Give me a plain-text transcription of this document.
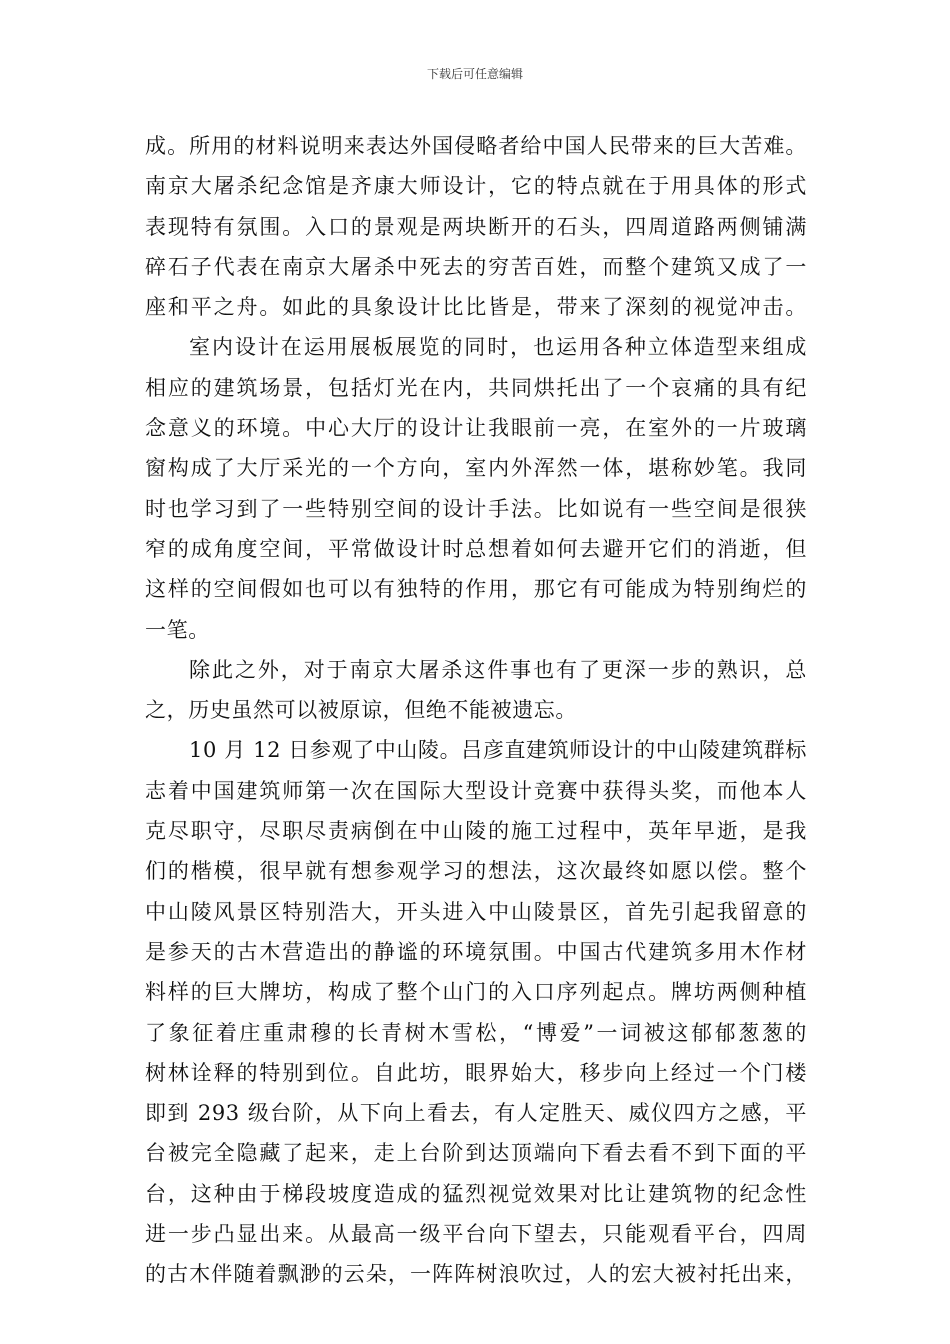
下载后可任意编辑
成。所用的材料说明来表达外国侵略者给中国人民带来的巨大苦难。
南京大屠杀纪念馆是齐康大师设计，它的特点就在于用具体的形式
表现特有氛围。入口的景观是两块断开的石头，四周道路两侧铺满
碎石子代表在南京大屠杀中死去的穷苦百姓，而整个建筑又成了一
座和平之舟。如此的具象设计比比皆是，带来了深刻的视觉冲击。
室内设计在运用展板展览的同时，也运用各种立体造型来组成
相应的建筑场景，包括灯光在内，共同烘托出了一个哀痛的具有纪
念意义的环境。中心大厅的设计让我眼前一亮，在室外的一片玻璃
窗构成了大厅采光的一个方向，室内外浑然一体，堪称妙笔。我同
时也学习到了一些特别空间的设计手法。比如说有一些空间是很狭
窄的成角度空间，平常做设计时总想着如何去避开它们的消逝，但
这样的空间假如也可以有独特的作用，那它有可能成为特别绚烂的
一笔。
除此之外，对于南京大屠杀这件事也有了更深一步的熟识，总
之，历史虽然可以被原谅，但绝不能被遗忘。
10 月 12 日参观了中山陵。吕彦直建筑师设计的中山陵建筑群标
志着中国建筑师第一次在国际大型设计竞赛中获得头奖，而他本人
克尽职守，尽职尽责病倒在中山陵的施工过程中，英年早逝，是我
们的楷模，很早就有想参观学习的想法，这次最终如愿以偿。整个
中山陵风景区特别浩大，开头进入中山陵景区，首先引起我留意的
是参天的古木营造出的静谧的环境氛围。中国古代建筑多用木作材
料样的巨大牌坊，构成了整个山门的入口序列起点。牌坊两侧种植
了象征着庄重肃穆的长青树木雪松，“博爱”一词被这郁郁葱葱的
树林诠释的特别到位。自此坊，眼界始大，移步向上经过一个门楼
即到 293 级台阶，从下向上看去，有人定胜天、威仪四方之感，平
台被完全隐藏了起来，走上台阶到达顶端向下看去看不到下面的平
台，这种由于梯段坡度造成的猛烈视觉效果对比让建筑物的纪念性
进一步凸显出来。从最高一级平台向下望去，只能观看平台，四周
的古木伴随着飘渺的云朵，一阵阵树浪吹过，人的宏大被衬托出来，
